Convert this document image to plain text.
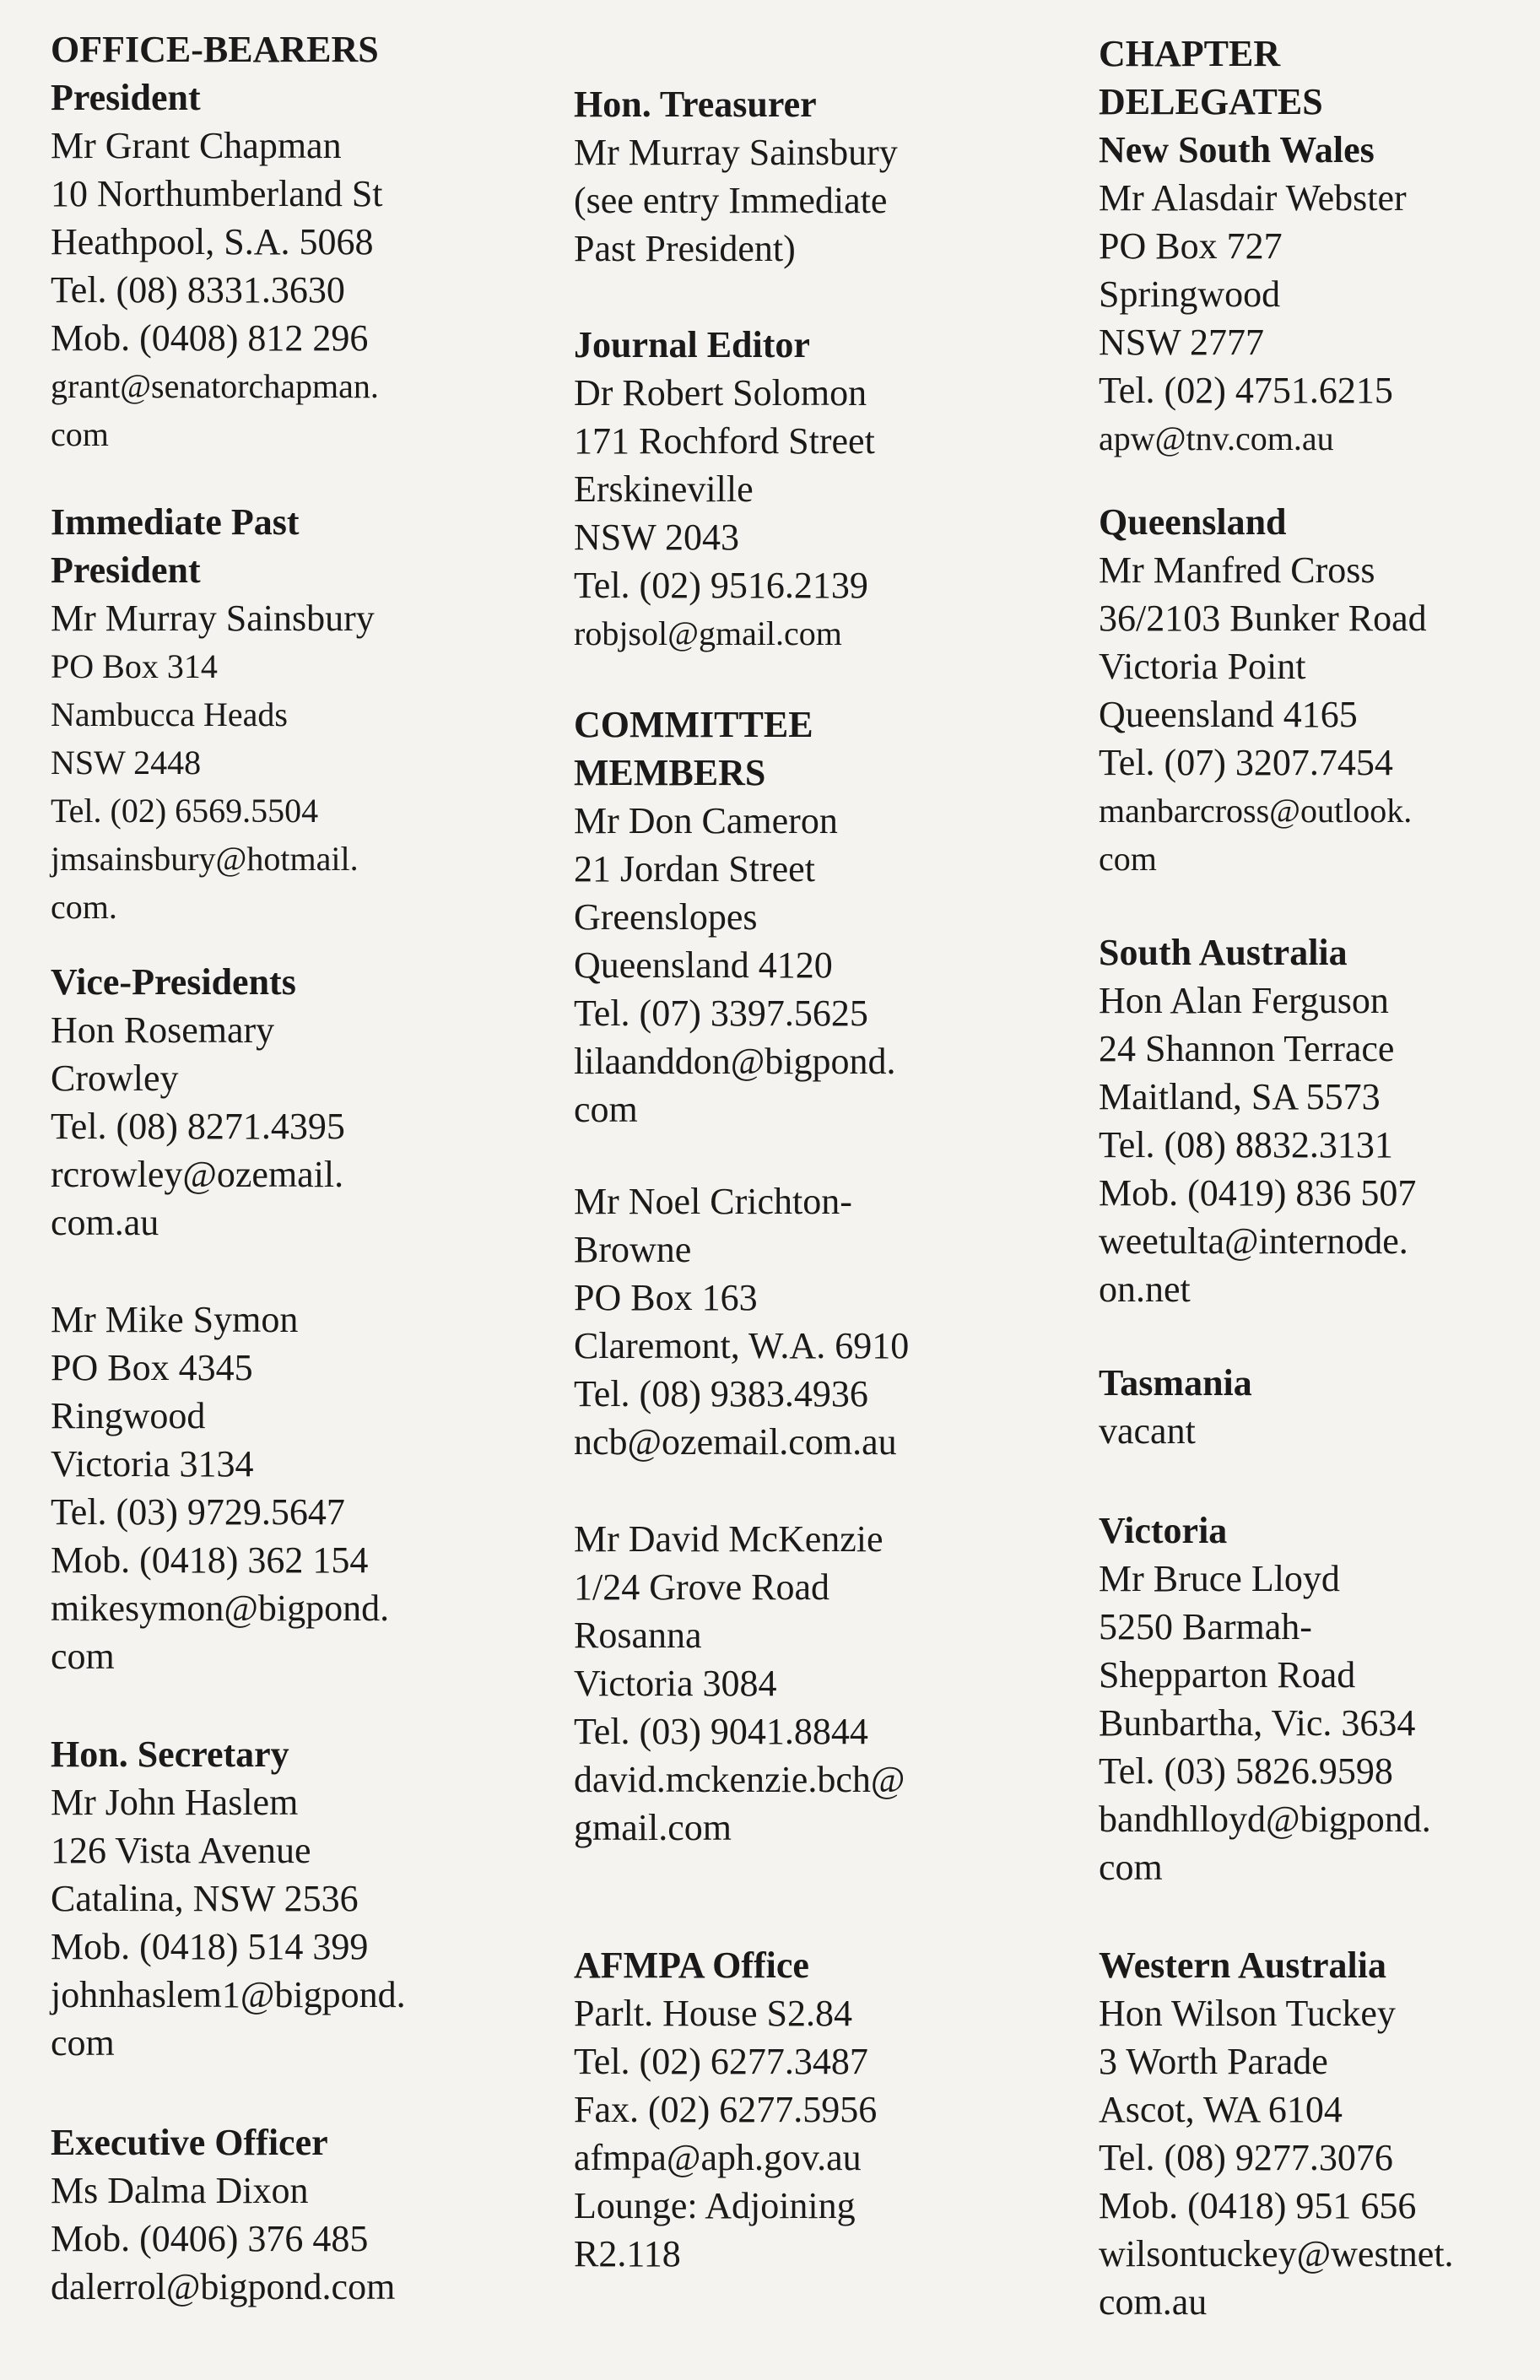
OFFICE-BEARERS
President
Mr Grant Chapman
10 Northumberland St
Heathpool, S.A. 5068
Tel. (08) 8331.3630
Mob. (0408) 812 296
grant@senatorchapman.
com
Immediate Past
President
Mr Murray Sainsbury
PO Box 314
Nambucca Heads
NSW 2448
Tel. (02) 6569.5504
jmsainsbury@hotmail.
com.
Vice-Presidents
Hon Rosemary
Crowley
Tel. (08) 8271.4395
rcrowley@ozemail.
com.au
Mr Mike Symon
PO Box 4345
Ringwood
Victoria 3134
Tel. (03) 9729.5647
Mob. (0418) 362 154
mikesymon@bigpond.
com
Hon. Secretary
Mr John Haslem
126 Vista Avenue
Catalina, NSW 2536
Mob. (0418) 514 399
johnhaslem1@bigpond.
com
Executive Officer
Ms Dalma Dixon
Mob. (0406) 376 485
dalerrol@bigpond.com
Hon. Treasurer
Mr Murray Sainsbury
(see entry Immediate
Past President)
Journal Editor
Dr Robert Solomon
171 Rochford Street
Erskineville
NSW 2043
Tel. (02) 9516.2139
robjsol@gmail.com
COMMITTEE
MEMBERS
Mr Don Cameron
21 Jordan Street
Greenslopes
Queensland 4120
Tel. (07) 3397.5625
lilaanddon@bigpond.
com
Mr Noel Crichton-
Browne
PO Box 163
Claremont, W.A. 6910
Tel. (08) 9383.4936
ncb@ozemail.com.au
Mr David McKenzie
1/24 Grove Road
Rosanna
Victoria 3084
Tel. (03) 9041.8844
david.mckenzie.bch@
gmail.com
AFMPA Office
Parlt. House S2.84
Tel. (02) 6277.3487
Fax. (02) 6277.5956
afmpa@aph.gov.au
Lounge: Adjoining
R2.118
CHAPTER
DELEGATES
New South Wales
Mr Alasdair Webster
PO Box 727
Springwood
NSW 2777
Tel. (02) 4751.6215
apw@tnv.com.au
Queensland
Mr Manfred Cross
36/2103 Bunker Road
Victoria Point
Queensland 4165
Tel. (07) 3207.7454
manbarcross@outlook.
com
South Australia
Hon Alan Ferguson
24 Shannon Terrace
Maitland, SA 5573
Tel. (08) 8832.3131
Mob. (0419) 836 507
weetulta@internode.
on.net
Tasmania
vacant
Victoria
Mr Bruce Lloyd
5250 Barmah-
Shepparton Road
Bunbartha, Vic. 3634
Tel. (03) 5826.9598
bandhlloyd@bigpond.
com
Western Australia
Hon Wilson Tuckey
3 Worth Parade
Ascot, WA 6104
Tel. (08) 9277.3076
Mob. (0418) 951 656
wilsontuckey@westnet.
com.au
